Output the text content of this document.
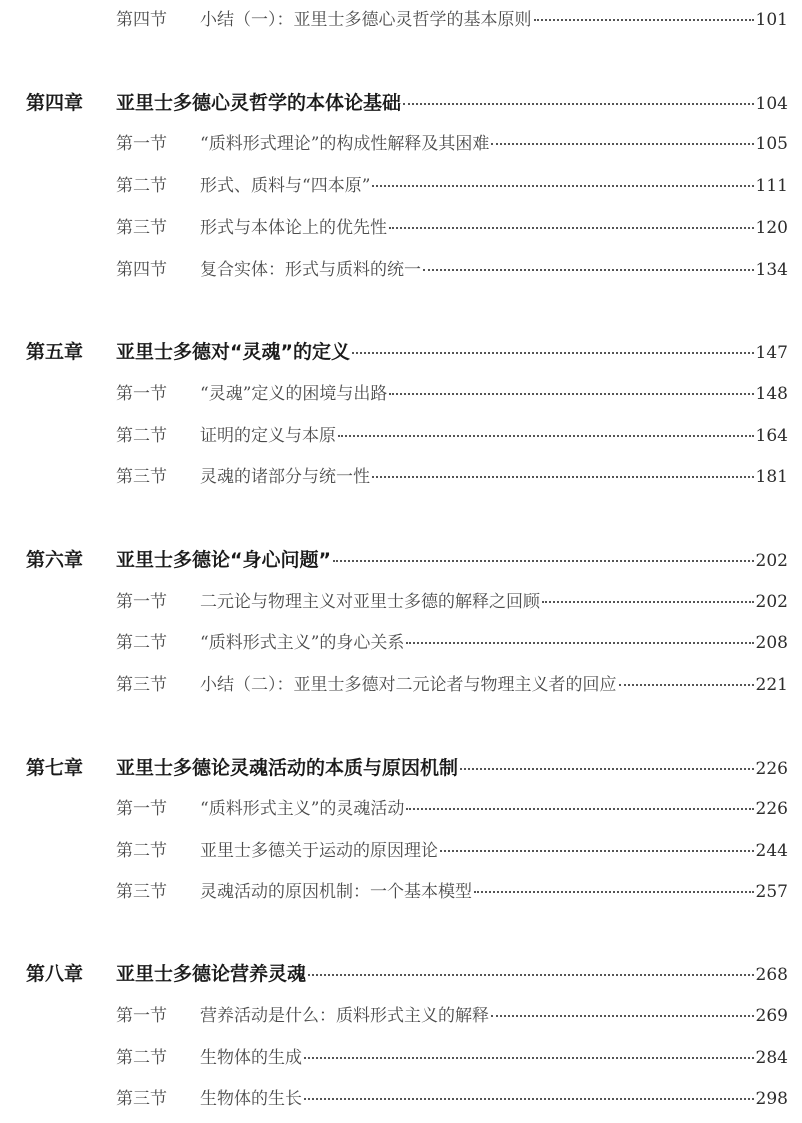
第四节	小结（一）：亚里士多德心灵哲学的基本原则	101
第四章	亚里士多德心灵哲学的本体论基础	104
第一节	“质料形式理论”的构成性解释及其困难	105
第二节	形式、质料与“四本原”	111
第三节	形式与本体论上的优先性	120
第四节	复合实体：形式与质料的统一	134
第五章	亚里士多德对“灵魂”的定义	147
第一节	“灵魂”定义的困境与出路	148
第二节	证明的定义与本原	164
第三节	灵魂的诸部分与统一性	181
第六章	亚里士多德论“身心问题”	202
第一节	二元论与物理主义对亚里士多德的解释之回顾	202
第二节	“质料形式主义”的身心关系	208
第三节	小结（二）：亚里士多德对二元论者与物理主义者的回应	221
第七章	亚里士多德论灵魂活动的本质与原因机制	226
第一节	“质料形式主义”的灵魂活动	226
第二节	亚里士多德关于运动的原因理论	244
第三节	灵魂活动的原因机制：一个基本模型	257
第八章	亚里士多德论营养灵魂	268
第一节	营养活动是什么：质料形式主义的解释	269
第二节	生物体的生成	284
第三节	生物体的生长	298
